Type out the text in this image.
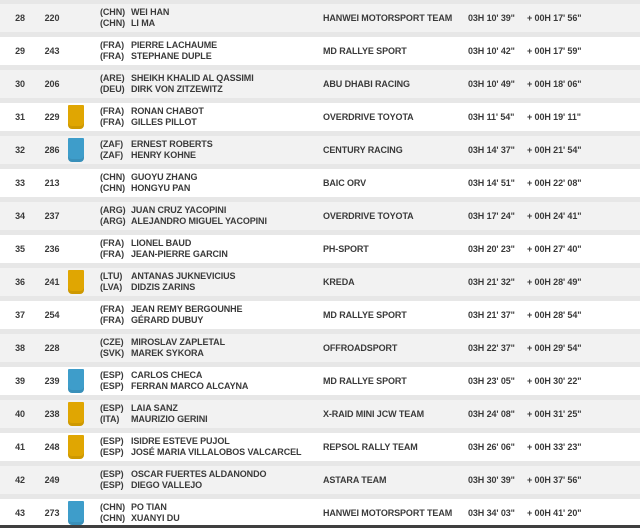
28	220
(CHN) WEI HAN
(CHN) LI MA	HANWEI MOTORSPORT TEAM	03H 10' 39"	+ 00H 17' 56"
29	243
(FRA) PIERRE LACHAUME
(FRA) STEPHANE DUPLE	MD RALLYE SPORT	03H 10' 42"	+ 00H 17' 59"
30	206
(ARE) SHEIKH KHALID AL QASSIMI
(DEU) DIRK VON ZITZEWITZ	ABU DHABI RACING	03H 10' 49"	+ 00H 18' 06"
31	229
(FRA) RONAN CHABOT
(FRA) GILLES PILLOT	OVERDRIVE TOYOTA	03H 11' 54"	+ 00H 19' 11"
32	286
(ZAF) ERNEST ROBERTS
(ZAF) HENRY KOHNE	CENTURY RACING	03H 14' 37"	+ 00H 21' 54"
33	213
(CHN) GUOYU ZHANG
(CHN) HONGYU PAN	BAIC ORV	03H 14' 51"	+ 00H 22' 08"
34	237
(ARG) JUAN CRUZ YACOPINI
(ARG) ALEJANDRO MIGUEL YACOPINI	OVERDRIVE TOYOTA	03H 17' 24"	+ 00H 24' 41"
35	236
(FRA) LIONEL BAUD
(FRA) JEAN-PIERRE GARCIN	PH-SPORT	03H 20' 23"	+ 00H 27' 40"
36	241
(LTU) ANTANAS JUKNEVICIUS
(LVA) DIDZIS ZARINS	KREDA	03H 21' 32"	+ 00H 28' 49"
37	254
(FRA) JEAN REMY BERGOUNHE
(FRA) GÉRARD DUBUY	MD RALLYE SPORT	03H 21' 37"	+ 00H 28' 54"
38	228
(CZE) MIROSLAV ZAPLETAL
(SVK) MAREK SYKORA	OFFROADSPORT	03H 22' 37"	+ 00H 29' 54"
39	239
(ESP) CARLOS CHECA
(ESP) FERRAN MARCO ALCAYNA	MD RALLYE SPORT	03H 23' 05"	+ 00H 30' 22"
40	238
(ESP) LAIA SANZ
(ITA) MAURIZIO GERINI	X-RAID MINI JCW TEAM	03H 24' 08"	+ 00H 31' 25"
41	248
(ESP) ISIDRE ESTEVE PUJOL
(ESP) JOSÉ MARIA VILLALOBOS VALCARCEL	REPSOL RALLY TEAM	03H 26' 06"	+ 00H 33' 23"
42	249
(ESP) OSCAR FUERTES ALDANONDO
(ESP) DIEGO VALLEJO	ASTARA TEAM	03H 30' 39"	+ 00H 37' 56"
43	273
(CHN) PO TIAN
(CHN) XUANYI DU	HANWEI MOTORSPORT TEAM	03H 34' 03"	+ 00H 41' 20"
